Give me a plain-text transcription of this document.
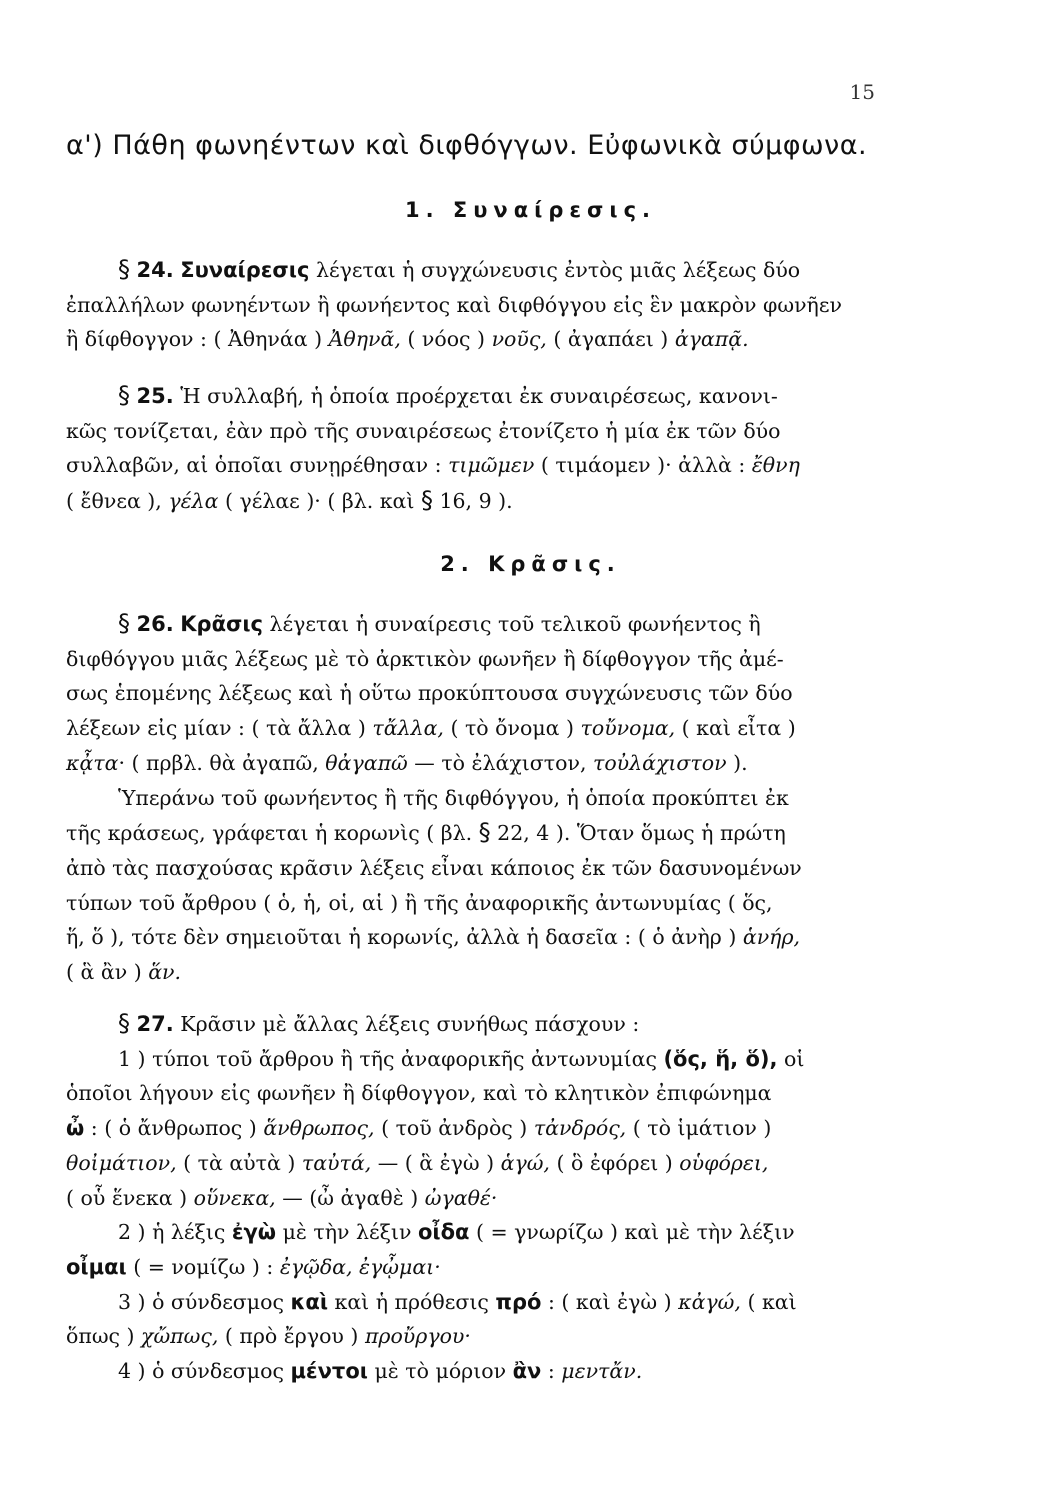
15
α') Πάθη φωνηέντων καὶ διφθόγγων. Εὐφωνικὰ σύμφωνα.
1. Συναίρεσις.
§ 24. Συναίρεσις λέγεται ἡ συγχώνευσις ἐντὸς μιᾶς λέξεως δύο
ἐπαλλήλων φωνηέντων ἢ φωνήεντος καὶ διφθόγγου εἰς ἓν μακρὸν φωνῆεν
ἢ δίφθογγον : ( Ἀθηνάα ) Ἀθηνᾶ, ( νόος ) νοῦς, ( ἀγαπάει ) ἀγαπᾷ.
§ 25. Ἡ συλλαβή, ἡ ὁποία προέρχεται ἐκ συναιρέσεως, κανονι-
κῶς τονίζεται, ἐὰν πρὸ τῆς συναιρέσεως ἐτονίζετο ἡ μία ἐκ τῶν δύο
συλλαβῶν, αἱ ὁποῖαι συνῃρέθησαν : τιμῶμεν ( τιμάομεν )· ἀλλὰ : ἔθνη
( ἔθνεα ), γέλα ( γέλαε )· ( βλ. καὶ § 16, 9 ).
2. Κρᾶσις.
§ 26. Κρᾶσις λέγεται ἡ συναίρεσις τοῦ τελικοῦ φωνήεντος ἢ
διφθόγγου μιᾶς λέξεως μὲ τὸ ἀρκτικὸν φωνῆεν ἢ δίφθογγον τῆς ἀμέ-
σως ἑπομένης λέξεως καὶ ἡ οὕτω προκύπτουσα συγχώνευσις τῶν δύο
λέξεων εἰς μίαν : ( τὰ ἄλλα ) τἄλλα, ( τὸ ὄνομα ) τοὔνομα, ( καὶ εἶτα )
κᾆτα· ( πρβλ. θὰ ἀγαπῶ, θἀγαπῶ — τὸ ἐλάχιστον, τοὐλάχιστον ).
Ὑπεράνω τοῦ φωνήεντος ἢ τῆς διφθόγγου, ἡ ὁποία προκύπτει ἐκ
τῆς κράσεως, γράφεται ἡ κορωνὶς ( βλ. § 22, 4 ). Ὅταν ὅμως ἡ πρώτη
ἀπὸ τὰς πασχούσας κρᾶσιν λέξεις εἶναι κάποιος ἐκ τῶν δασυνομένων
τύπων τοῦ ἄρθρου ( ὁ, ἡ, οἱ, αἱ ) ἢ τῆς ἀναφορικῆς ἀντωνυμίας ( ὅς,
ἥ, ὅ ), τότε δὲν σημειοῦται ἡ κορωνίς, ἀλλὰ ἡ δασεῖα : ( ὁ ἀνὴρ ) ἁνήρ,
( ἃ ἂν ) ἅν.
§ 27. Κρᾶσιν μὲ ἄλλας λέξεις συνήθως πάσχουν :
1 ) τύποι τοῦ ἄρθρου ἢ τῆς ἀναφορικῆς ἀντωνυμίας (ὅς, ἥ, ὅ), οἱ
ὁποῖοι λήγουν εἰς φωνῆεν ἢ δίφθογγον, καὶ τὸ κλητικὸν ἐπιφώνημα
ὦ : ( ὁ ἄνθρωπος ) ἅνθρωπος, ( τοῦ ἀνδρὸς ) τἀνδρός, ( τὸ ἱμάτιον )
θοἰμάτιον, ( τὰ αὐτὰ ) ταὐτά, — ( ἃ ἐγὼ ) ἁγώ, ( ὃ ἐφόρει ) οὑφόρει,
( οὗ ἕνεκα ) οὕνεκα, — (ὦ ἀγαθὲ ) ὠγαθέ·
2 ) ἡ λέξις ἐγὼ μὲ τὴν λέξιν οἶδα ( = γνωρίζω ) καὶ μὲ τὴν λέξιν
οἶμαι ( = νομίζω ) : ἐγῷδα, ἐγᾦμαι·
3 ) ὁ σύνδεσμος καὶ καὶ ἡ πρόθεσις πρό : ( καὶ ἐγὼ ) κἀγώ, ( καὶ
ὅπως ) χὤπως, ( πρὸ ἔργου ) προὔργου·
4 ) ὁ σύνδεσμος μέντοι μὲ τὸ μόριον ἂν : μεντἄν.
